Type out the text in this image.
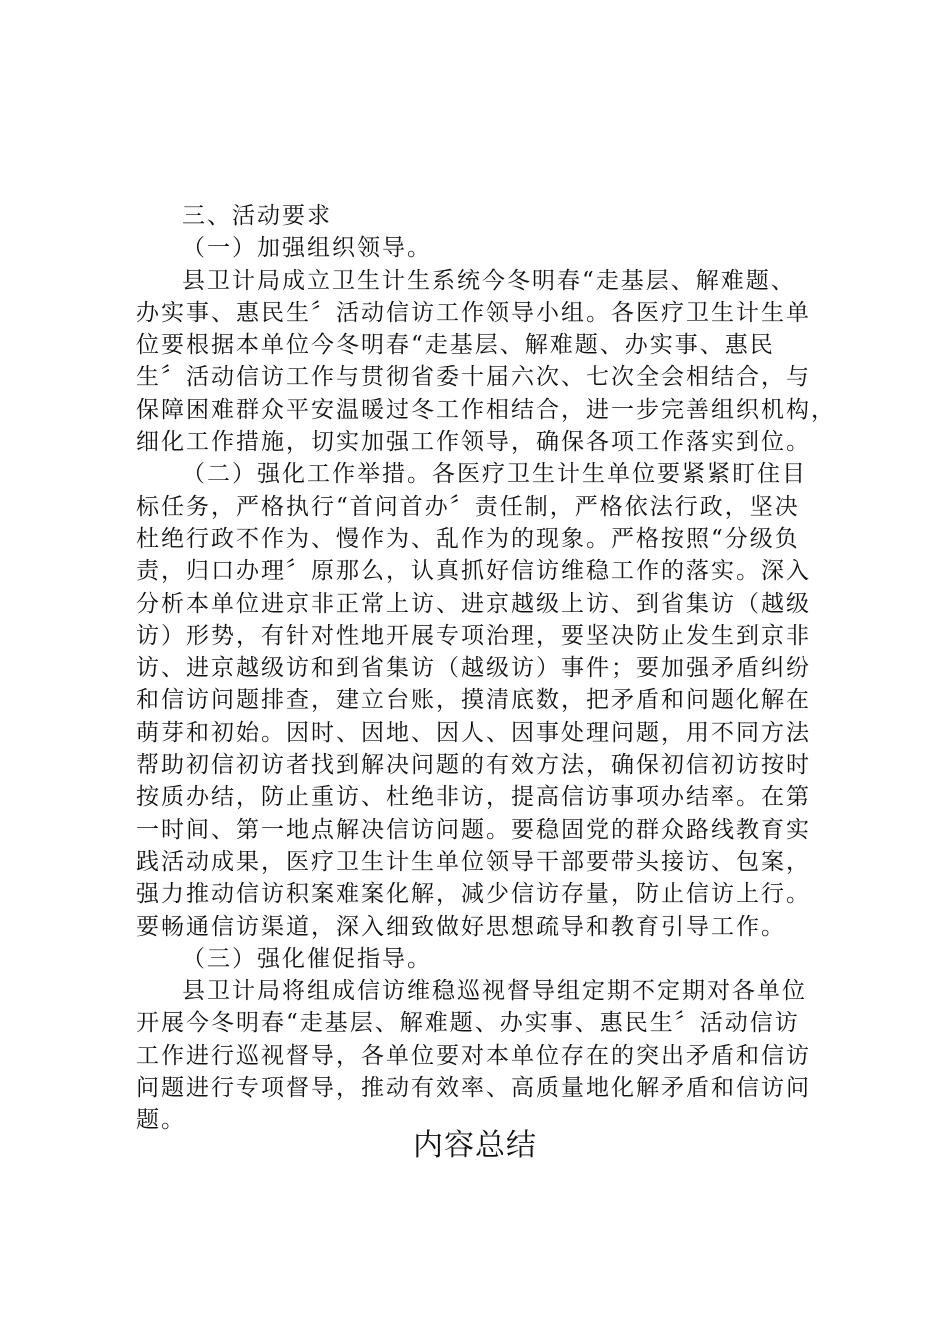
三、活动要求
（一）加强组织领导。
县卫计局成立卫生计生系统今冬明春“走基层、解难题、
办实事、惠民生〞活动信访工作领导小组。各医疗卫生计生单
位要根据本单位今冬明春“走基层、解难题、办实事、惠民
生〞活动信访工作与贯彻省委十届六次、七次全会相结合，与
保障困难群众平安温暖过冬工作相结合，进一步完善组织机构，
细化工作措施，切实加强工作领导，确保各项工作落实到位。
（二）强化工作举措。各医疗卫生计生单位要紧紧盯住目
标任务，严格执行“首问首办〞责任制，严格依法行政，坚决
杜绝行政不作为、慢作为、乱作为的现象。严格按照“分级负
责，归口办理〞原那么，认真抓好信访维稳工作的落实。深入
分析本单位进京非正常上访、进京越级上访、到省集访（越级
访）形势，有针对性地开展专项治理，要坚决防止发生到京非
访、进京越级访和到省集访（越级访）事件；要加强矛盾纠纷
和信访问题排查，建立台账，摸清底数，把矛盾和问题化解在
萌芽和初始。因时、因地、因人、因事处理问题，用不同方法
帮助初信初访者找到解决问题的有效方法，确保初信初访按时
按质办结，防止重访、杜绝非访，提高信访事项办结率。在第
一时间、第一地点解决信访问题。要稳固党的群众路线教育实
践活动成果，医疗卫生计生单位领导干部要带头接访、包案，
强力推动信访积案难案化解，减少信访存量，防止信访上行。
要畅通信访渠道，深入细致做好思想疏导和教育引导工作。
（三）强化催促指导。
县卫计局将组成信访维稳巡视督导组定期不定期对各单位
开展今冬明春“走基层、解难题、办实事、惠民生〞活动信访
工作进行巡视督导，各单位要对本单位存在的突出矛盾和信访
问题进行专项督导，推动有效率、高质量地化解矛盾和信访问
题。
内容总结
